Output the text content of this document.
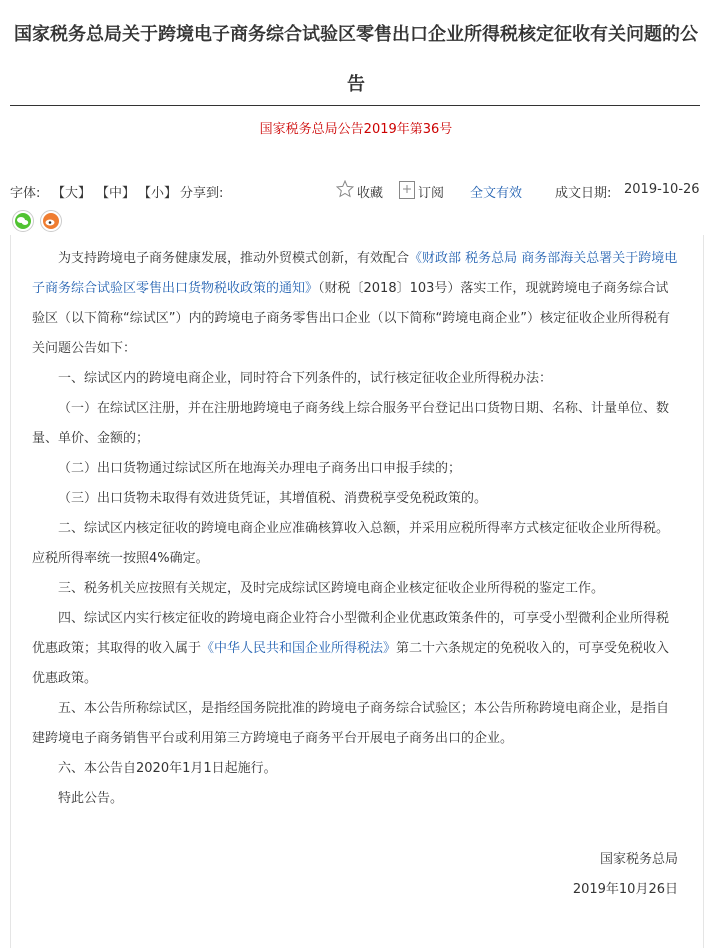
国家税务总局关于跨境电子商务综合试验区零售出口企业所得税核定征收有关问题的公告
国家税务总局公告2019年第36号
字体: 【大】 【中】 【小】 分享到:	收藏	订阅 全文有效	成文日期: 2019-10-26

为支持跨境电子商务健康发展，推动外贸模式创新，有效配合《财政部 税务总局 商务部海关总署关于跨境电子商务综合试验区零售出口货物税收政策的通知》（财税〔2018〕103号）落实工作，现就跨境电子商务综合试验区（以下简称“综试区”）内的跨境电子商务零售出口企业（以下简称“跨境电商企业”）核定征收企业所得税有关问题公告如下：

一、综试区内的跨境电商企业，同时符合下列条件的，试行核定征收企业所得税办法：

（一）在综试区注册，并在注册地跨境电子商务线上综合服务平台登记出口货物日期、名称、计量单位、数量、单价、金额的；

（二）出口货物通过综试区所在地海关办理电子商务出口申报手续的；

（三）出口货物未取得有效进货凭证，其增值税、消费税享受免税政策的。

二、综试区内核定征收的跨境电商企业应准确核算收入总额，并采用应税所得率方式核定征收企业所得税。应税所得率统一按照4%确定。

三、税务机关应按照有关规定，及时完成综试区跨境电商企业核定征收企业所得税的鉴定工作。

四、综试区内实行核定征收的跨境电商企业符合小型微利企业优惠政策条件的，可享受小型微利企业所得税优惠政策；其取得的收入属于《中华人民共和国企业所得税法》第二十六条规定的免税收入的，可享受免税收入优惠政策。

五、本公告所称综试区，是指经国务院批准的跨境电子商务综合试验区；本公告所称跨境电商企业，是指自建跨境电子商务销售平台或利用第三方跨境电子商务平台开展电子商务出口的企业。

六、本公告自2020年1月1日起施行。

特此公告。

国家税务总局
2019年10月26日
